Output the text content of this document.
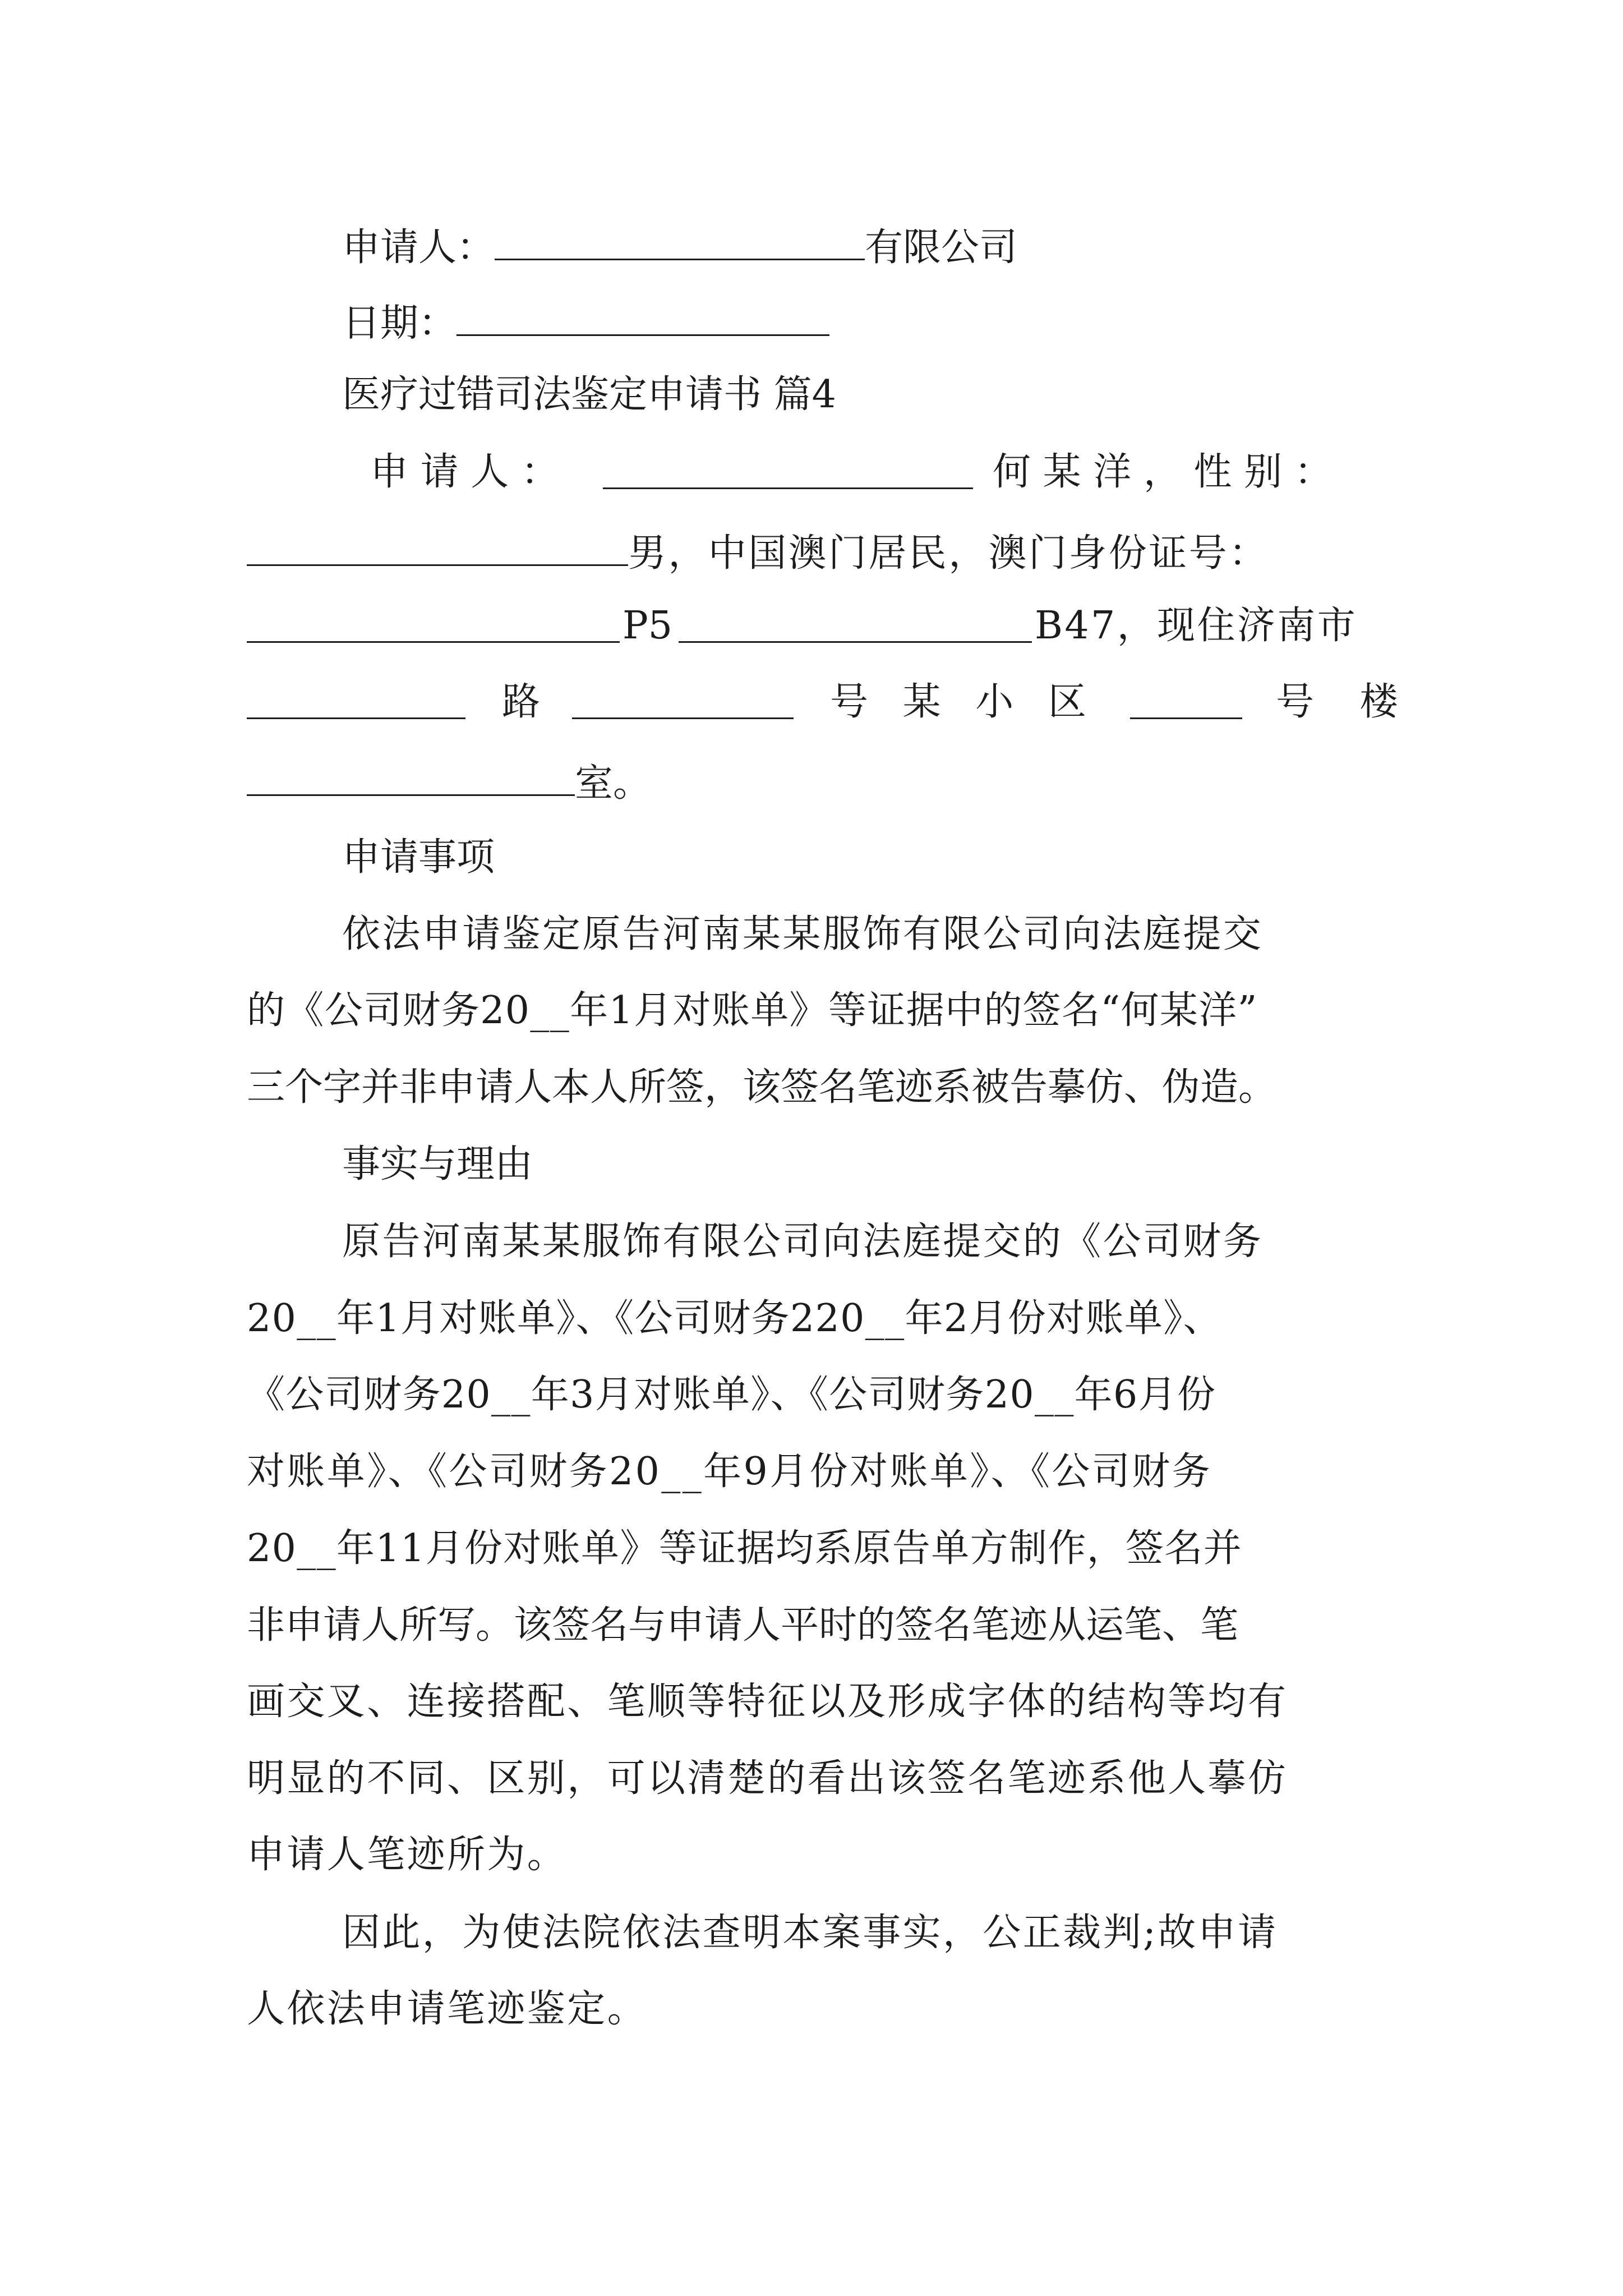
申请人：	有限公司
日期：
医疗过错司法鉴定申请书 篇4
申 请 人 ：	何 某 洋 ， 性 别 ：
男，中国澳门居民，澳门身份证号：
P5	B47，现住济南市
路	号 某 小 区	号 楼
室。
申请事项
依法申请鉴定原告河南某某服饰有限公司向法庭提交
的《公司财务20__年1月对账单》等证据中的签名“何某洋”
三个字并非申请人本人所签，该签名笔迹系被告摹仿、伪造。
事实与理由
原告河南某某服饰有限公司向法庭提交的《公司财务
20__年1月对账单》、《公司财务220__年2月份对账单》、
《公司财务20__年3月对账单》、《公司财务20__年6月份
对账单》、《公司财务20__年9月份对账单》、《公司财务
20__年11月份对账单》等证据均系原告单方制作，签名并
非申请人所写。该签名与申请人平时的签名笔迹从运笔、笔
画交叉、连接搭配、笔顺等特征以及形成字体的结构等均有
明显的不同、区别，可以清楚的看出该签名笔迹系他人摹仿
申请人笔迹所为。
因此，为使法院依法查明本案事实，公正裁判;故申请
人依法申请笔迹鉴定。
